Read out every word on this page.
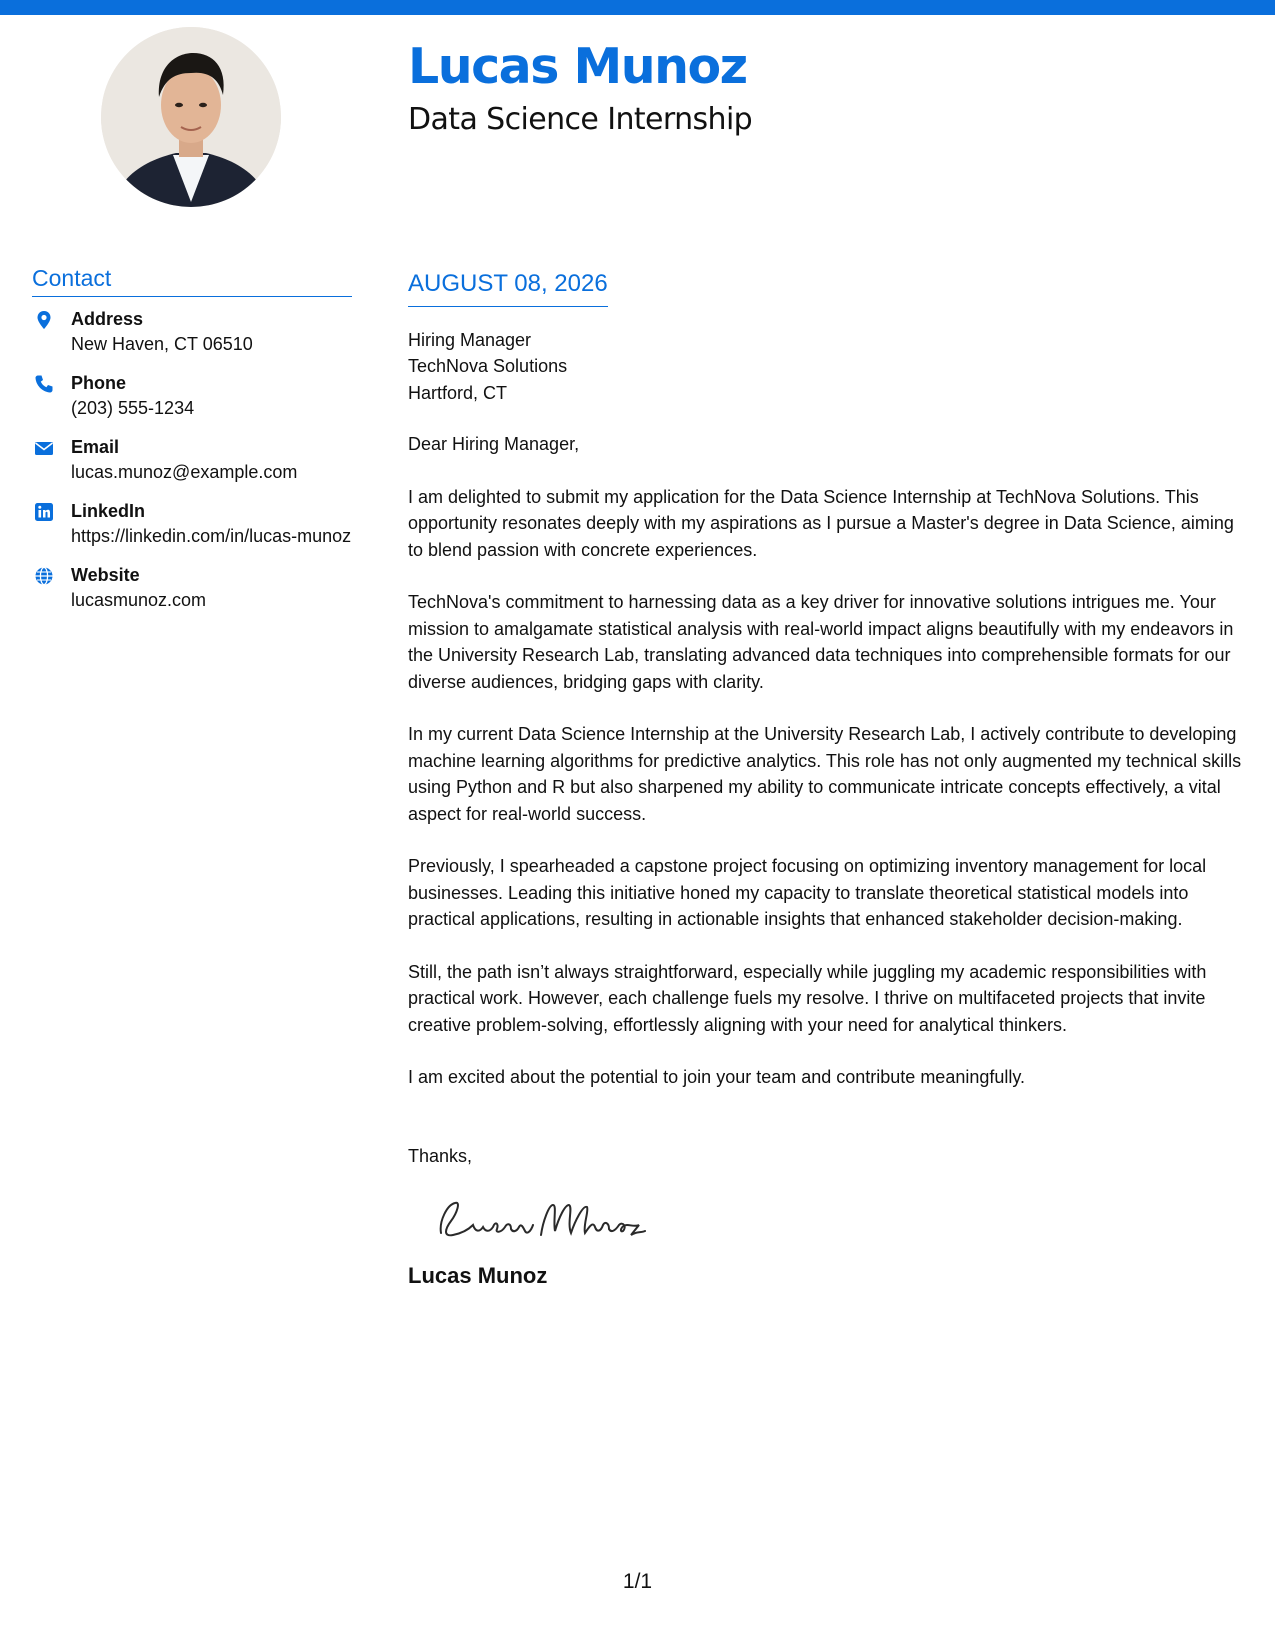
Lucas Munoz
Data Science Internship
Contact
Address
New Haven, CT 06510
Phone
(203) 555-1234
Email
lucas.munoz@example.com
LinkedIn
https://linkedin.com/in/lucas-munoz
Website
lucasmunoz.com
AUGUST 08, 2026
Hiring Manager
TechNova Solutions
Hartford, CT
Dear Hiring Manager,

I am delighted to submit my application for the Data Science Internship at TechNova Solutions. This opportunity resonates deeply with my aspirations as I pursue a Master's degree in Data Science, aiming to blend passion with concrete experiences.

TechNova's commitment to harnessing data as a key driver for innovative solutions intrigues me. Your mission to amalgamate statistical analysis with real-world impact aligns beautifully with my endeavors in the University Research Lab, translating advanced data techniques into comprehensible formats for our diverse audiences, bridging gaps with clarity.

In my current Data Science Internship at the University Research Lab, I actively contribute to developing machine learning algorithms for predictive analytics. This role has not only augmented my technical skills using Python and R but also sharpened my ability to communicate intricate concepts effectively, a vital aspect for real-world success.

Previously, I spearheaded a capstone project focusing on optimizing inventory management for local businesses. Leading this initiative honed my capacity to translate theoretical statistical models into practical applications, resulting in actionable insights that enhanced stakeholder decision-making.

Still, the path isn’t always straightforward, especially while juggling my academic responsibilities with practical work. However, each challenge fuels my resolve. I thrive on multifaceted projects that invite creative problem-solving, effortlessly aligning with your need for analytical thinkers.

I am excited about the potential to join your team and contribute meaningfully.

Thanks,
Lucas Munoz
1/1
